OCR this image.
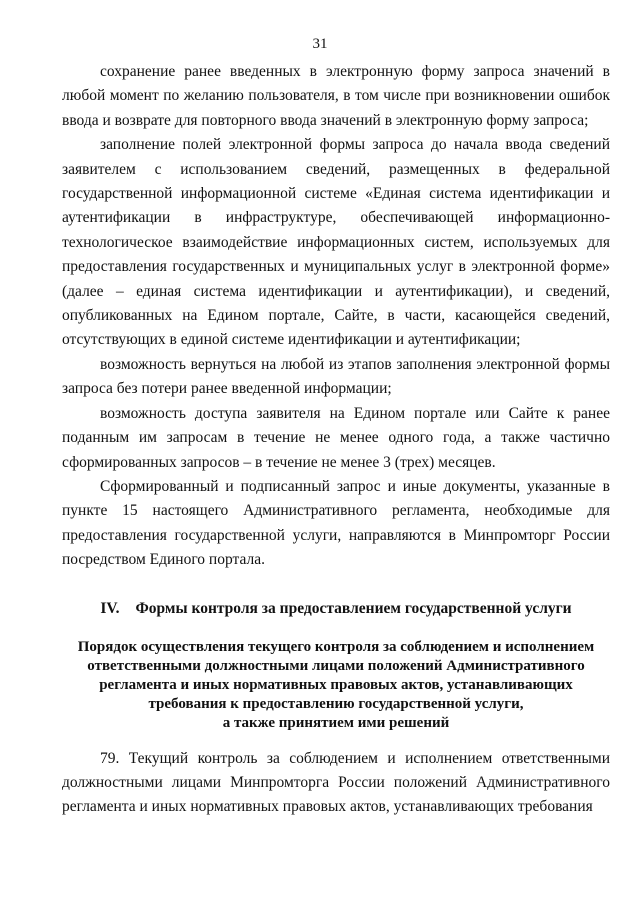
31

сохранение ранее введенных в электронную форму запроса значений в любой момент по желанию пользователя, в том числе при возникновении ошибок ввода и возврате для повторного ввода значений в электронную форму запроса;

заполнение полей электронной формы запроса до начала ввода сведений заявителем с использованием сведений, размещенных в федеральной государственной информационной системе «Единая система идентификации и аутентификации в инфраструктуре, обеспечивающей информационно-технологическое взаимодействие информационных систем, используемых для предоставления государственных и муниципальных услуг в электронной форме» (далее – единая система идентификации и аутентификации), и сведений, опубликованных на Едином портале, Сайте, в части, касающейся сведений, отсутствующих в единой системе идентификации и аутентификации;

возможность вернуться на любой из этапов заполнения электронной формы запроса без потери ранее введенной информации;

возможность доступа заявителя на Едином портале или Сайте к ранее поданным им запросам в течение не менее одного года, а также частично сформированных запросов – в течение не менее 3 (трех) месяцев.

Сформированный и подписанный запрос и иные документы, указанные в пункте 15 настоящего Административного регламента, необходимые для предоставления государственной услуги, направляются в Минпромторг России посредством Единого портала.

IV. Формы контроля за предоставлением государственной услуги
Порядок осуществления текущего контроля за соблюдением и исполнением
ответственными должностными лицами положений Административного
регламента и иных нормативных правовых актов, устанавливающих
требования к предоставлению государственной услуги,
а также принятием ими решений

79. Текущий контроль за соблюдением и исполнением ответственными должностными лицами Минпромторга России положений Административного регламента и иных нормативных правовых актов, устанавливающих требования
